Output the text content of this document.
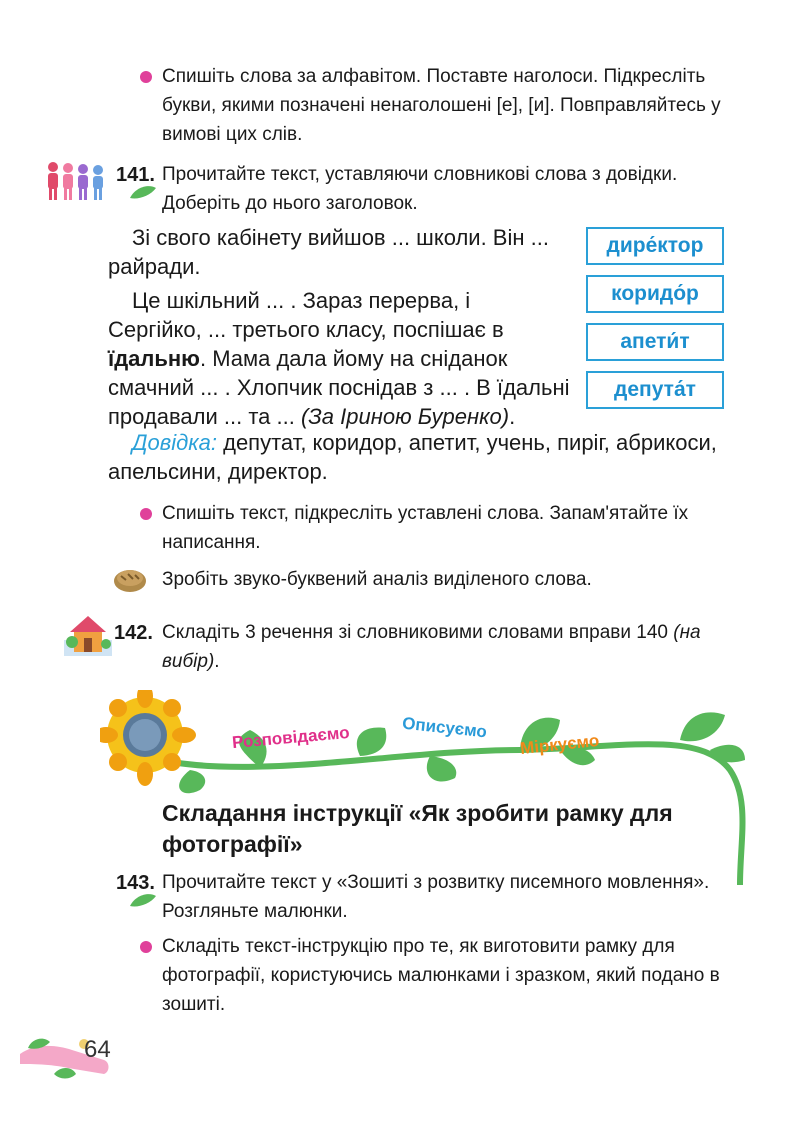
Спишіть слова за алфавітом. Поставте наголоси. Підкресліть букви, якими позначені ненаголошені [е], [и]. Повправляйтесь у вимові цих слів.
141. Прочитайте текст, уставляючи словникові слова з довідки. Доберіть до нього заголовок.
Зі свого кабінету вийшов ... школи. Він ... райради.
Це шкільний ... . Зараз перерва, і Сергійко, ... третього класу, поспішає в їдальню. Мама дала йому на сніданок смачний ... . Хлопчик поснідав з ... . В їдальні продавали ... та ... (За Іриною Буренко).
дире́ктор
коридо́р
апети́т
депута́т
Довідка: депутат, коридор, апетит, учень, пиріг, абрикоси, апельсини, директор.
Спишіть текст, підкресліть уставлені слова. Запам'ятайте їх написання.
Зробіть звуко-буквений аналіз виділеного слова.
142. Складіть 3 речення зі словниковими словами вправи 140 (на вибір).
Розповідаємо	Описуємо
Міркуємо
Складання інструкції «Як зробити рамку для фотографії»
143. Прочитайте текст у «Зошиті з розвитку писемного мовлення». Розгляньте малюнки.
Складіть текст-інструкцію про те, як виготовити рамку для фотографії, користуючись малюнками і зразком, який подано в зошиті.
64
